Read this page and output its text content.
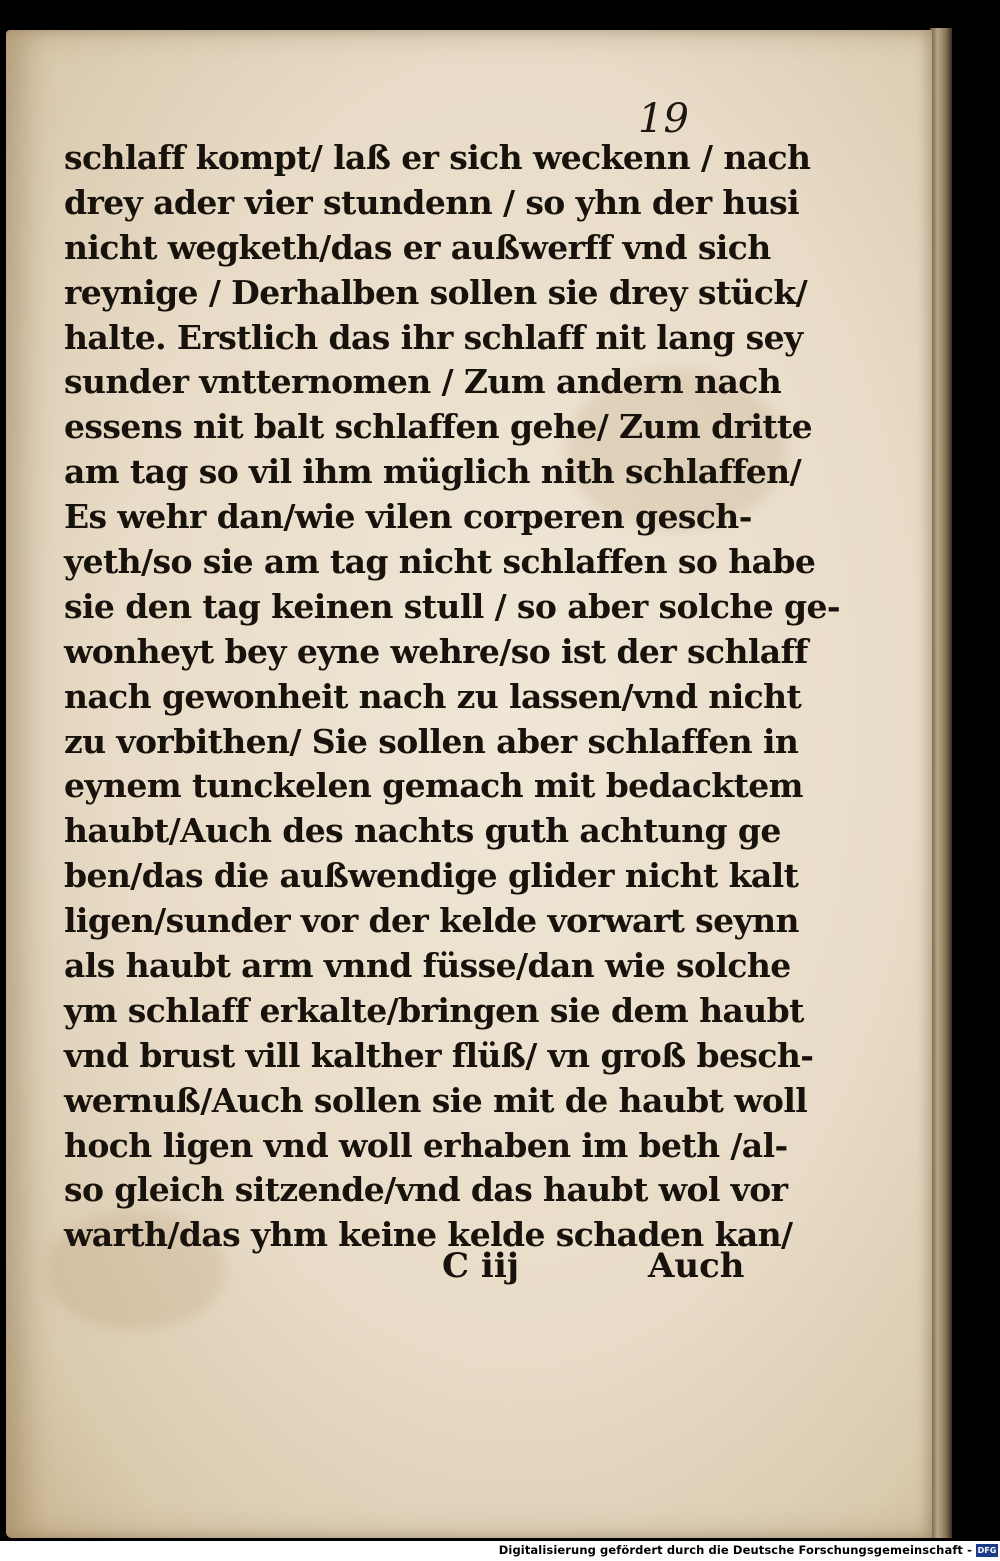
19
schlaff kompt/ laß er sich weckenn / nach
drey ader vier stundenn / so yhn der husi
nicht wegketh/das er außwerff vnd sich
reynige / Derhalben sollen sie drey stück/
halte. Erstlich das ihr schlaff nit lang sey
sunder vntternomen / Zum andern nach
essens nit balt schlaffen gehe/ Zum dritte
am tag so vil ihm müglich nith schlaffen/
Es wehr dan/wie vilen corperen gesch-
yeth/so sie am tag nicht schlaffen so habe
sie den tag keinen stull / so aber solche ge-
wonheyt bey eyne wehre/so ist der schlaff
nach gewonheit nach zu lassen/vnd nicht
zu vorbithen/ Sie sollen aber schlaffen in
eynem tunckelen gemach mit bedacktem
haubt/Auch des nachts guth achtung ge
ben/das die außwendige glider nicht kalt
ligen/sunder vor der kelde vorwart seynn
als haubt arm vnnd füsse/dan wie solche
ym schlaff erkalte/bringen sie dem haubt
vnd brust vill kalther flüß/ vn groß besch-
wernuß/Auch sollen sie mit de haubt woll
hoch ligen vnd woll erhaben im beth /al-
so gleich sitzende/vnd das haubt wol vor
warth/das yhm keine kelde schaden kan/
C iij	Auch
Digitalisierung gefördert durch die Deutsche Forschungsgemeinschaft - DFG
